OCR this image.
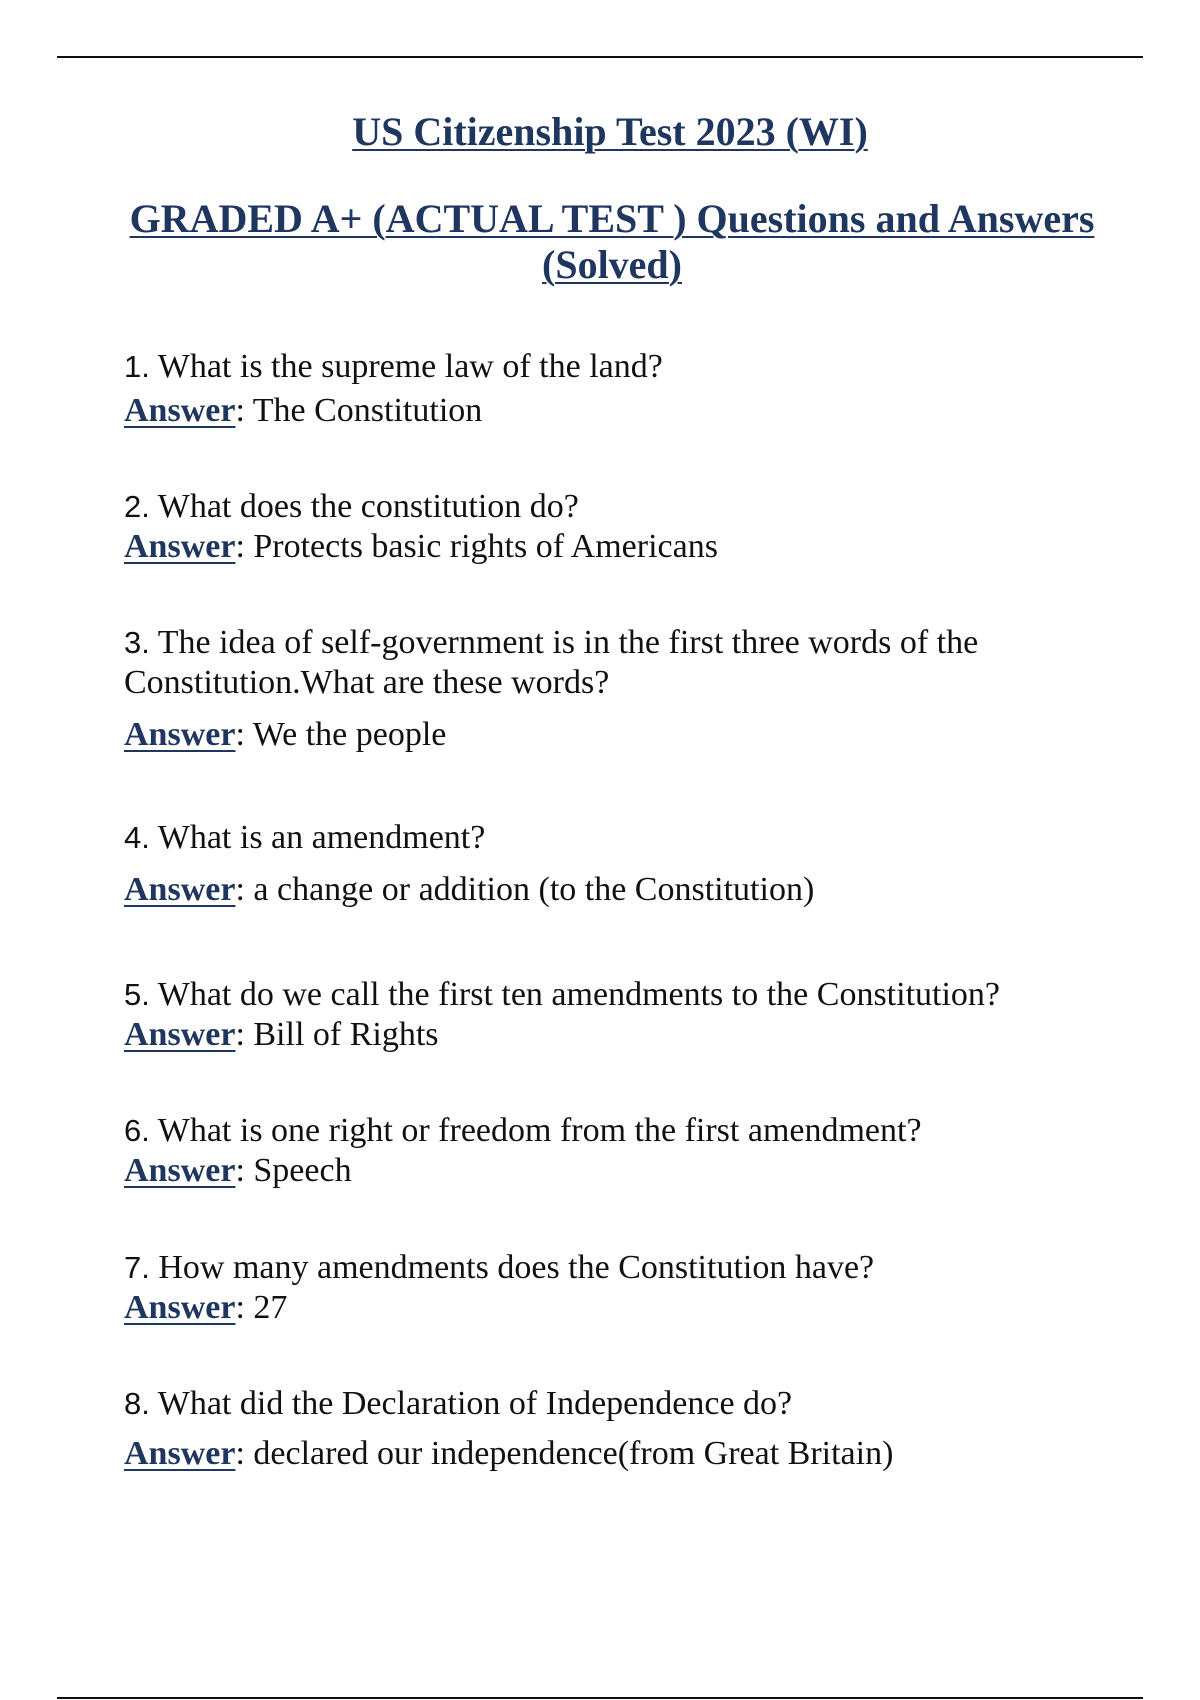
US Citizenship Test 2023 (WI)
GRADED A+ (ACTUAL TEST ) Questions and Answers (Solved)

1. What is the supreme law of the land?

Answer: The Constitution

2. What does the constitution do?

Answer: Protects basic rights of Americans

3. The idea of self-government is in the first three words of the Constitution.What are these words?

Answer: We the people

4. What is an amendment?

Answer: a change or addition (to the Constitution)

5. What do we call the first ten amendments to the Constitution?

Answer: Bill of Rights

6. What is one right or freedom from the first amendment?

Answer: Speech

7. How many amendments does the Constitution have?

Answer: 27

8. What did the Declaration of Independence do?

Answer: declared our independence(from Great Britain)
